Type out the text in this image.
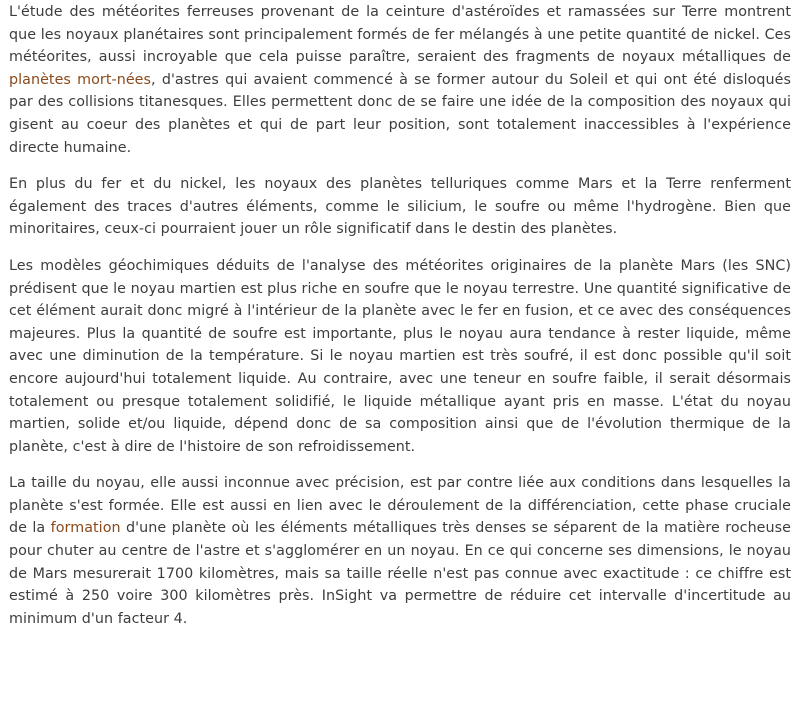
L'étude des météorites ferreuses provenant de la ceinture d'astéroïdes et ramassées sur Terre montrent que les noyaux planétaires sont principalement formés de fer mélangés à une petite quantité de nickel. Ces météorites, aussi incroyable que cela puisse paraître, seraient des fragments de noyaux métalliques de planètes mort-nées, d'astres qui avaient commencé à se former autour du Soleil et qui ont été disloqués par des collisions titanesques. Elles permettent donc de se faire une idée de la composition des noyaux qui gisent au coeur des planètes et qui de part leur position, sont totalement inaccessibles à l'expérience directe humaine.

En plus du fer et du nickel, les noyaux des planètes telluriques comme Mars et la Terre renferment également des traces d'autres éléments, comme le silicium, le soufre ou même l'hydrogène. Bien que minoritaires, ceux-ci pourraient jouer un rôle significatif dans le destin des planètes.

Les modèles géochimiques déduits de l'analyse des météorites originaires de la planète Mars (les SNC) prédisent que le noyau martien est plus riche en soufre que le noyau terrestre. Une quantité significative de cet élément aurait donc migré à l'intérieur de la planète avec le fer en fusion, et ce avec des conséquences majeures. Plus la quantité de soufre est importante, plus le noyau aura tendance à rester liquide, même avec une diminution de la température. Si le noyau martien est très soufré, il est donc possible qu'il soit encore aujourd'hui totalement liquide. Au contraire, avec une teneur en soufre faible, il serait désormais totalement ou presque totalement solidifié, le liquide métallique ayant pris en masse. L'état du noyau martien, solide et/ou liquide, dépend donc de sa composition ainsi que de l'évolution thermique de la planète, c'est à dire de l'histoire de son refroidissement.

La taille du noyau, elle aussi inconnue avec précision, est par contre liée aux conditions dans lesquelles la planète s'est formée. Elle est aussi en lien avec le déroulement de la différenciation, cette phase cruciale de la formation d'une planète où les éléments métalliques très denses se séparent de la matière rocheuse pour chuter au centre de l'astre et s'agglomérer en un noyau. En ce qui concerne ses dimensions, le noyau de Mars mesurerait 1700 kilomètres, mais sa taille réelle n'est pas connue avec exactitude : ce chiffre est estimé à 250 voire 300 kilomètres près. InSight va permettre de réduire cet intervalle d'incertitude au minimum d'un facteur 4.
